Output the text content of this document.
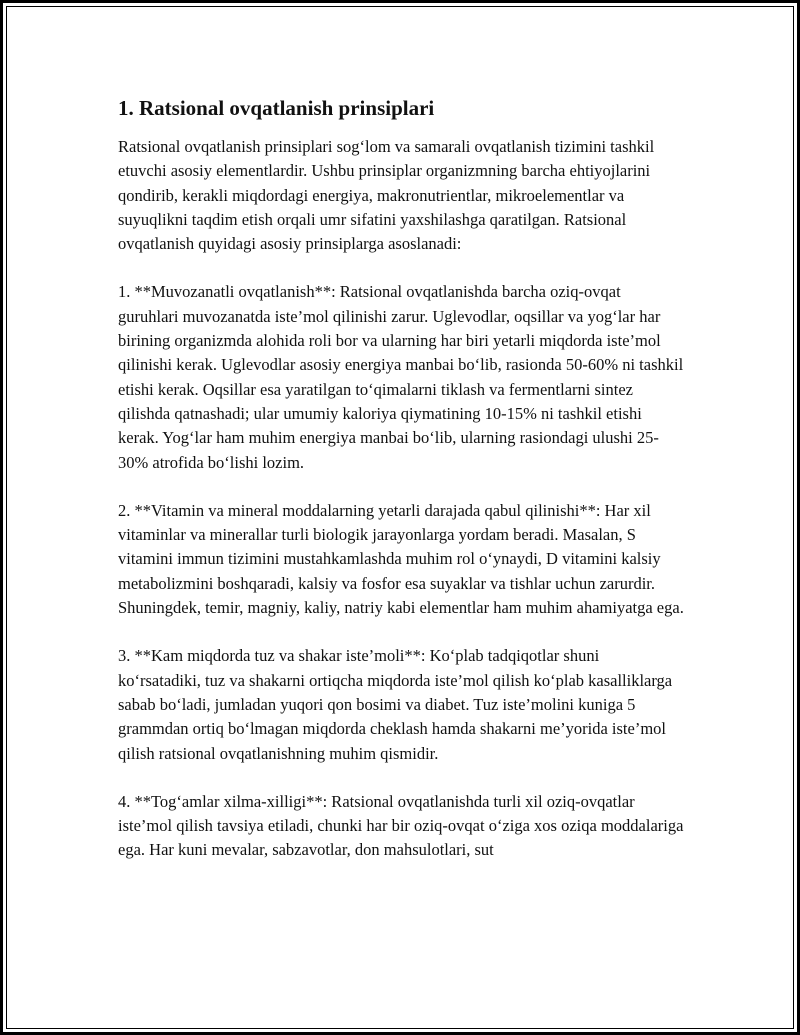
1. Ratsional ovqatlanish prinsiplari

Ratsional ovqatlanish prinsiplari sog‘lom va samarali ovqatlanish tizimini tashkil etuvchi asosiy elementlardir. Ushbu prinsiplar organizmning barcha ehtiyojlarini qondirib, kerakli miqdordagi energiya, makronutrientlar, mikroelementlar va suyuqlikni taqdim etish orqali umr sifatini yaxshilashga qaratilgan. Ratsional ovqatlanish quyidagi asosiy prinsiplarga asoslanadi:

1. **Muvozanatli ovqatlanish**: Ratsional ovqatlanishda barcha oziq-ovqat guruhlari muvozanatda iste’mol qilinishi zarur. Uglevodlar, oqsillar va yog‘lar har birining organizmda alohida roli bor va ularning har biri yetarli miqdorda iste’mol qilinishi kerak. Uglevodlar asosiy energiya manbai bo‘lib, rasionda 50-60% ni tashkil etishi kerak. Oqsillar esa yaratilgan to‘qimalarni tiklash va fermentlarni sintez qilishda qatnashadi; ular umumiy kaloriya qiymatining 10-15% ni tashkil etishi kerak. Yog‘lar ham muhim energiya manbai bo‘lib, ularning rasiondagi ulushi 25-30% atrofida bo‘lishi lozim.

2. **Vitamin va mineral moddalarning yetarli darajada qabul qilinishi**: Har xil vitaminlar va minerallar turli biologik jarayonlarga yordam beradi. Masalan, S vitamini immun tizimini mustahkamlashda muhim rol o‘ynaydi, D vitamini kalsiy metabolizmini boshqaradi, kalsiy va fosfor esa suyaklar va tishlar uchun zarurdir. Shuningdek, temir, magniy, kaliy, natriy kabi elementlar ham muhim ahamiyatga ega.

3. **Kam miqdorda tuz va shakar iste’moli**: Ko‘plab tadqiqotlar shuni ko‘rsatadiki, tuz va shakarni ortiqcha miqdorda iste’mol qilish ko‘plab kasalliklarga sabab bo‘ladi, jumladan yuqori qon bosimi va diabet. Tuz iste’molini kuniga 5 grammdan ortiq bo‘lmagan miqdorda cheklash hamda shakarni me’yorida iste’mol qilish ratsional ovqatlanishning muhim qismidir.

4. **Tog‘amlar xilma-xilligi**: Ratsional ovqatlanishda turli xil oziq-ovqatlar iste’mol qilish tavsiya etiladi, chunki har bir oziq-ovqat o‘ziga xos oziqa moddalariga ega. Har kuni mevalar, sabzavotlar, don mahsulotlari, sut
